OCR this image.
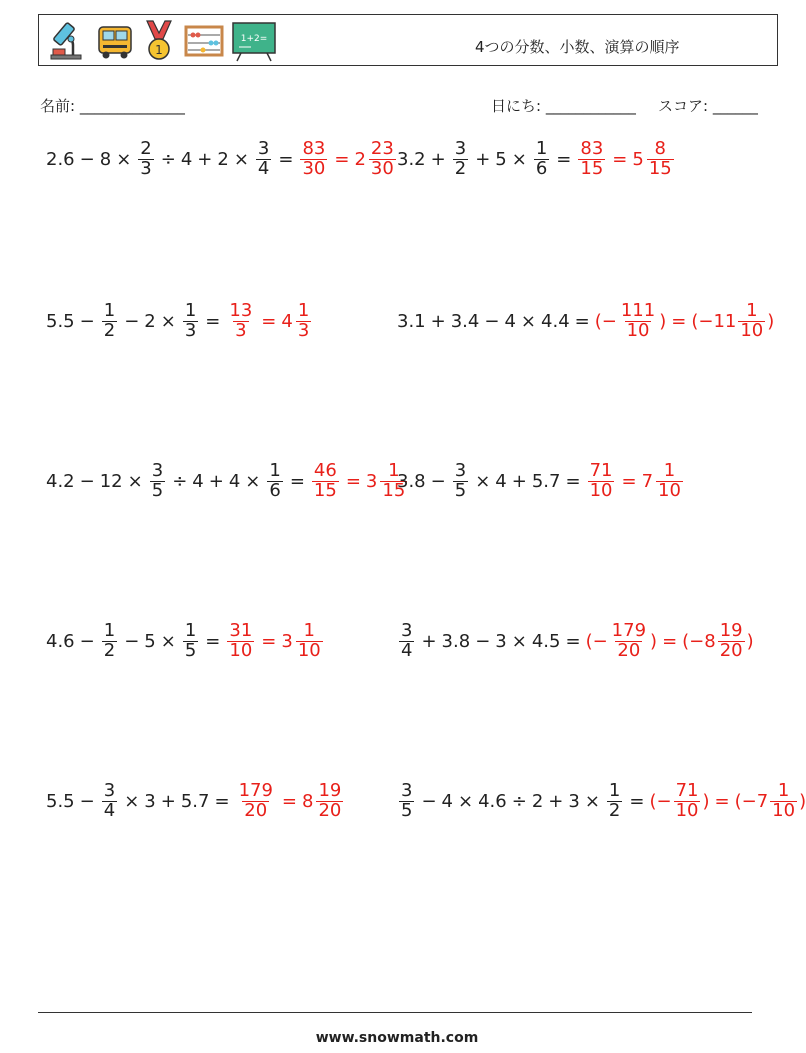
1
1+2=	4つの分数、小数、演算の順序
名前: ______________	日にち: ____________ スコア: ______
$2.6 - 8 \times \frac{2}{3} \div 4 + 2 \times \frac{3}{4} = \frac{83}{30} = 2 \frac{23}{30} 3.2 + \frac{3}{2} + 5 \times \frac{1}{6} = \frac{83}{15} = 5 \frac{8}{15}$
$5.5 - \frac{1}{2} - 2 \times \frac{1}{3} = \frac{13}{3} = 4 \frac{1}{3}$	3.1 + 3.4 − 4 × 4.4 = (− $\frac{111}{10}$ ) = ($-11 \frac{1}{10}$ )
$4.2 - 12 \times \frac{3}{5} \div 4 + 4 \times \frac{1}{6} = \frac{46}{15} = 3 \frac{1}{15}$
$3.8 - \frac{3}{5} \times 4 + 5.7 = \frac{71}{10} = 7 \frac{1}{10}$
$4.6 - \frac{1}{2} - 5 \times \frac{1}{5} = \frac{31}{10} = 3 \frac{1}{10}$	$\frac{3}{4} + 3.8 - 3 \times 4.5$ = (− $\frac{179}{20}$ ) = ($-8 \frac{19}{20}$ )
$5.5 - \frac{3}{4} \times 3 + 5.7 = \frac{179}{20} = 8 \frac{19}{20}$	$\frac{3}{5} - 4 \times 4.6 \div 2 + 3 \times \frac{1}{2}$ = (− $\frac{71}{10}$ ) = ($-7 \frac{1}{10}$ )
www.snowmath.com
